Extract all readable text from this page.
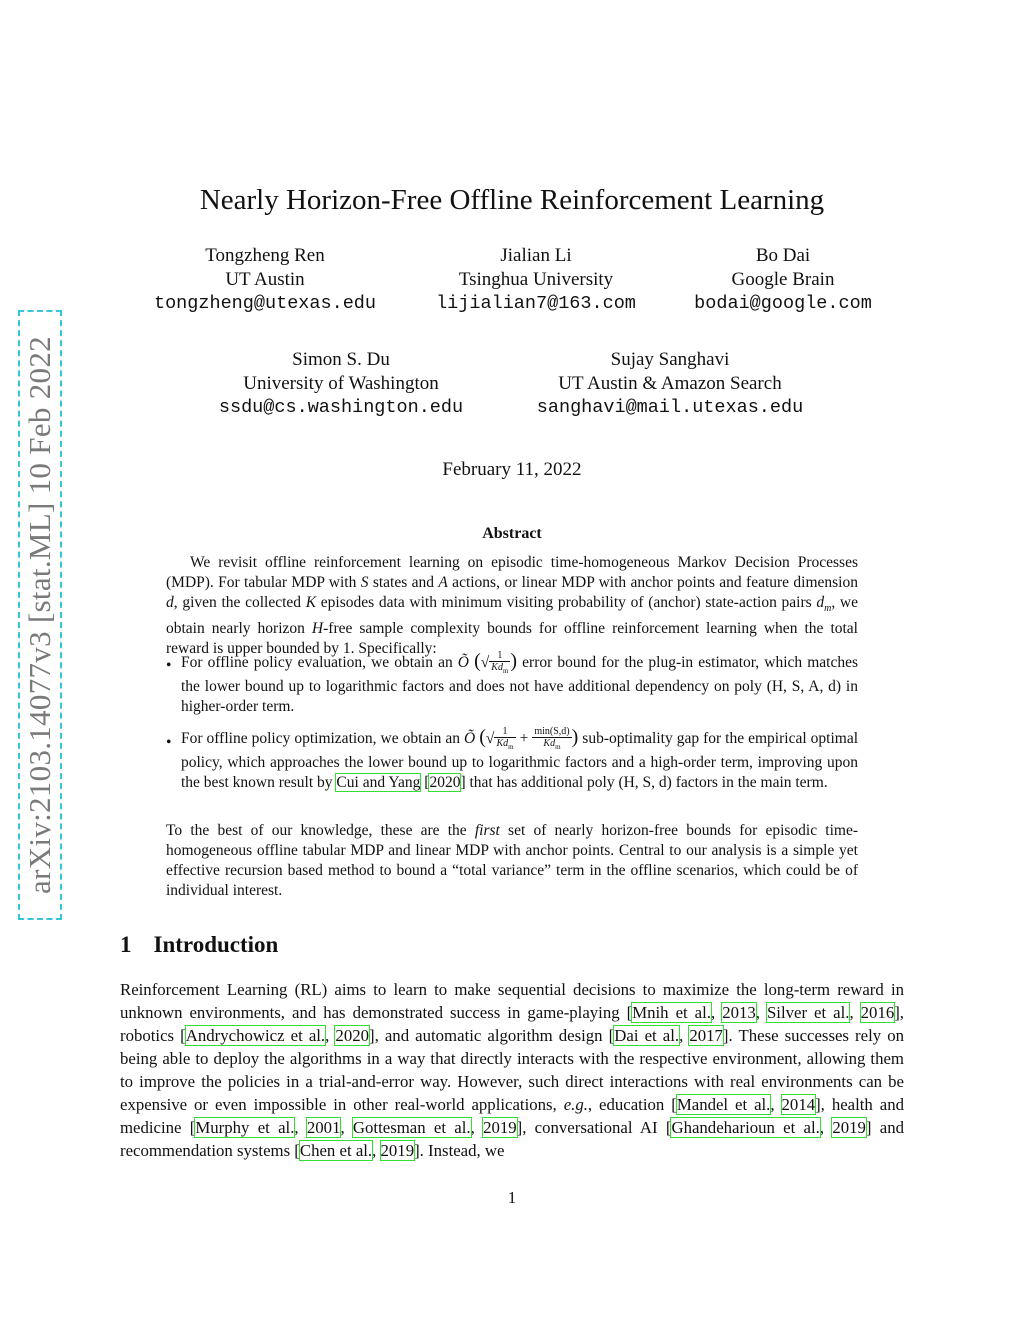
arXiv:2103.14077v3 [stat.ML] 10 Feb 2022
Nearly Horizon-Free Offline Reinforcement Learning
Tongzheng Ren
UT Austin
tongzheng@utexas.edu
Jialian Li
Tsinghua University
lijialian7@163.com
Bo Dai
Google Brain
bodai@google.com
Simon S. Du
University of Washington
ssdu@cs.washington.edu
Sujay Sanghavi
UT Austin & Amazon Search
sanghavi@mail.utexas.edu
February 11, 2022
Abstract
We revisit offline reinforcement learning on episodic time-homogeneous Markov Decision Processes (MDP). For tabular MDP with S states and A actions, or linear MDP with anchor points and feature dimension d, given the collected K episodes data with minimum visiting probability of (anchor) state-action pairs $d_m$, we obtain nearly horizon H-free sample complexity bounds for offline reinforcement learning when the total reward is upper bounded by 1. Specifically:
• For offline policy evaluation, we obtain an Õ (√ $\frac{1}{Kd_m}$ ) error bound for the plug-in estimator, which matches the lower bound up to logarithmic factors and does not have additional dependency on poly (H, S, A, d) in higher-order term.
• For offline policy optimization, we obtain an Õ (√ $\frac{1}{Kd_m} + \frac{\min(S,d)}{Kd_m}$ ) sub-optimality gap for the empirical optimal policy, which approaches the lower bound up to logarithmic factors and a high-order term, improving upon the best known result by Cui and Yang [2020] that has additional poly (H, S, d) factors in the main term.
To the best of our knowledge, these are the first set of nearly horizon-free bounds for episodic time-homogeneous offline tabular MDP and linear MDP with anchor points. Central to our analysis is a simple yet effective recursion based method to bound a “total variance” term in the offline scenarios, which could be of individual interest.
1 Introduction
Reinforcement Learning (RL) aims to learn to make sequential decisions to maximize the long-term reward in unknown environments, and has demonstrated success in game-playing [Mnih et al., 2013, Silver et al., 2016], robotics [Andrychowicz et al., 2020], and automatic algorithm design [Dai et al., 2017]. These successes rely on being able to deploy the algorithms in a way that directly interacts with the respective environment, allowing them to improve the policies in a trial-and-error way. However, such direct interactions with real environments can be expensive or even impossible in other real-world applications, e.g., education [Mandel et al., 2014], health and medicine [Murphy et al., 2001, Gottesman et al., 2019], conversational AI [Ghandeharioun et al., 2019] and recommendation systems [Chen et al., 2019]. Instead, we
1
